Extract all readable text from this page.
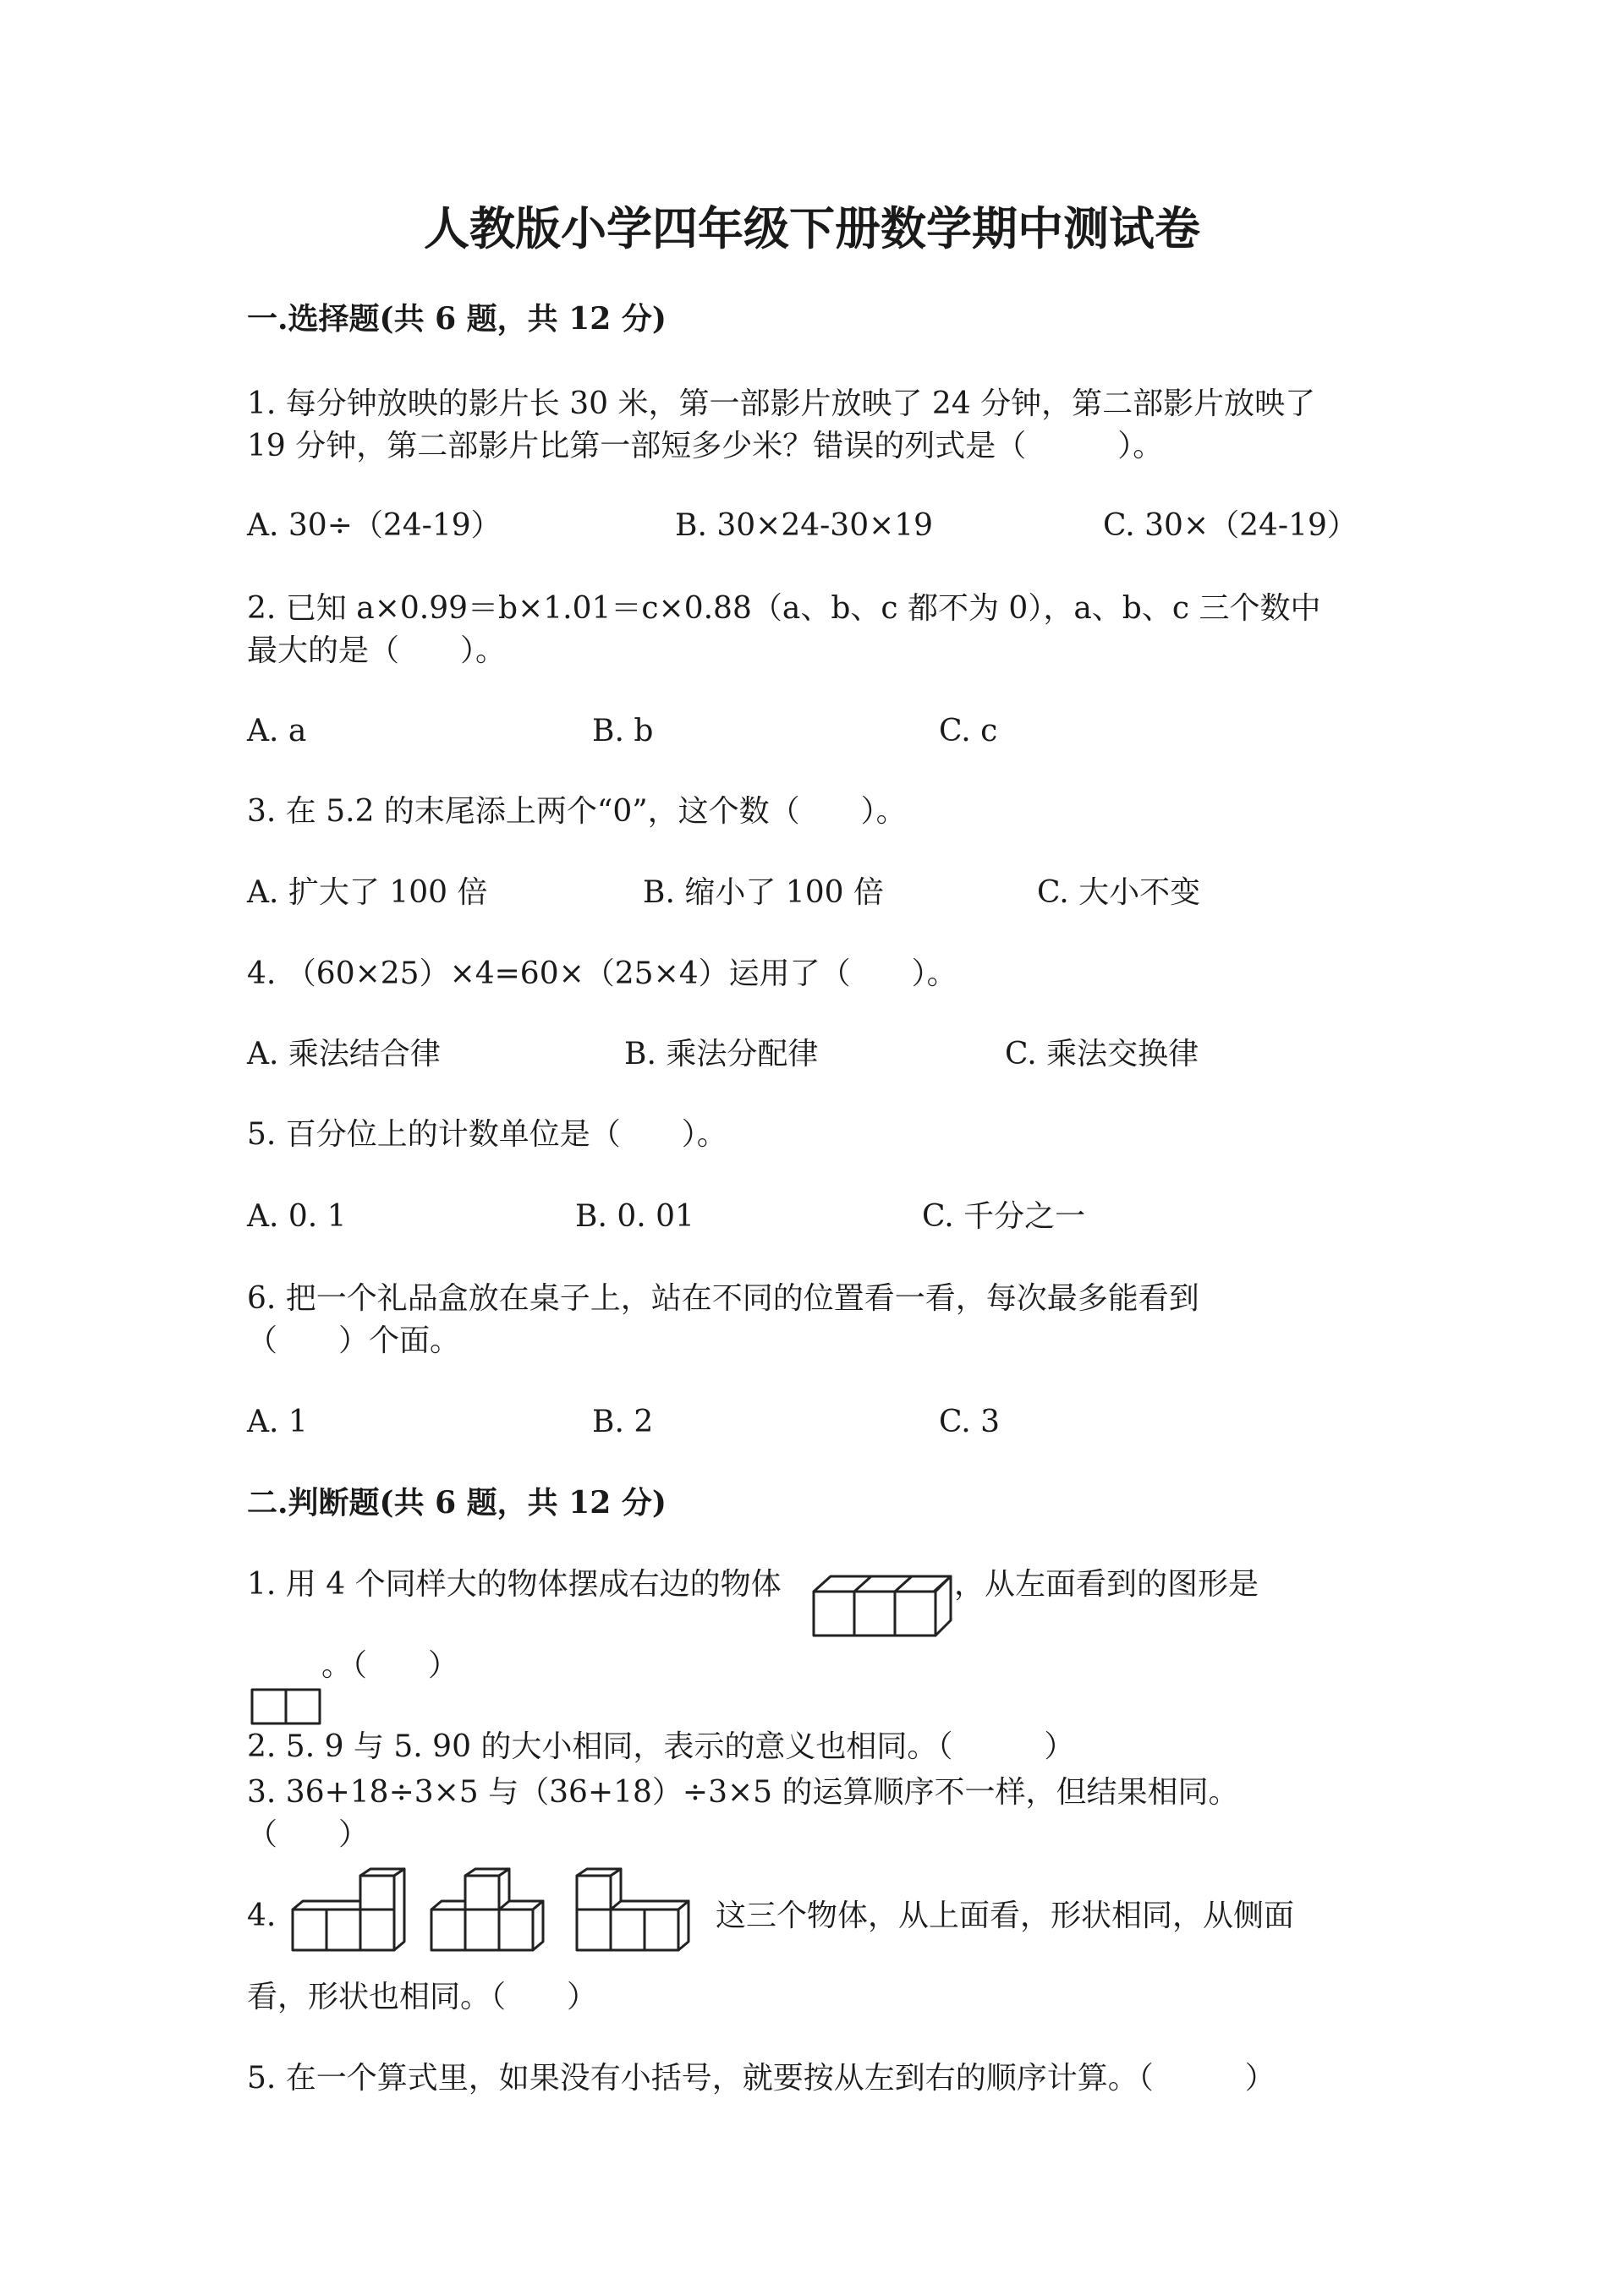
人教版小学四年级下册数学期中测试卷
一.选择题(共 6 题，共 12 分)
1. 每分钟放映的影片长 30 米，第一部影片放映了 24 分钟，第二部影片放映了
19 分钟，第二部影片比第一部短多少米？错误的列式是（　　　）。
A. 30÷（24-19）	B. 30×24-30×19	C. 30×（24-19）
2. 已知 a×0.99＝b×1.01＝c×0.88（a、b、c 都不为 0），a、b、c 三个数中
最大的是（　　）。
A. a	B. b	C. c
3. 在 5.2 的末尾添上两个“0”，这个数（　　）。
A. 扩大了 100 倍	B. 缩小了 100 倍	C. 大小不变
4. （60×25）×4=60×（25×4）运用了（　　）。
A. 乘法结合律	B. 乘法分配律	C. 乘法交换律
5. 百分位上的计数单位是（　　）。
A. 0. 1	B. 0. 01	C. 千分之一
6. 把一个礼品盒放在桌子上，站在不同的位置看一看，每次最多能看到
（　　）个面。
A. 1	B. 2	C. 3
二.判断题(共 6 题，共 12 分)
1. 用 4 个同样大的物体摆成右边的物体	，从左面看到的图形是
。（　　）
2. 5. 9 与 5. 90 的大小相同，表示的意义也相同。（　　　）
3. 36+18÷3×5 与（36+18）÷3×5 的运算顺序不一样，但结果相同。
（　　）
4.	这三个物体，从上面看，形状相同，从侧面
看，形状也相同。（　　）
5. 在一个算式里，如果没有小括号，就要按从左到右的顺序计算。（　　　）
